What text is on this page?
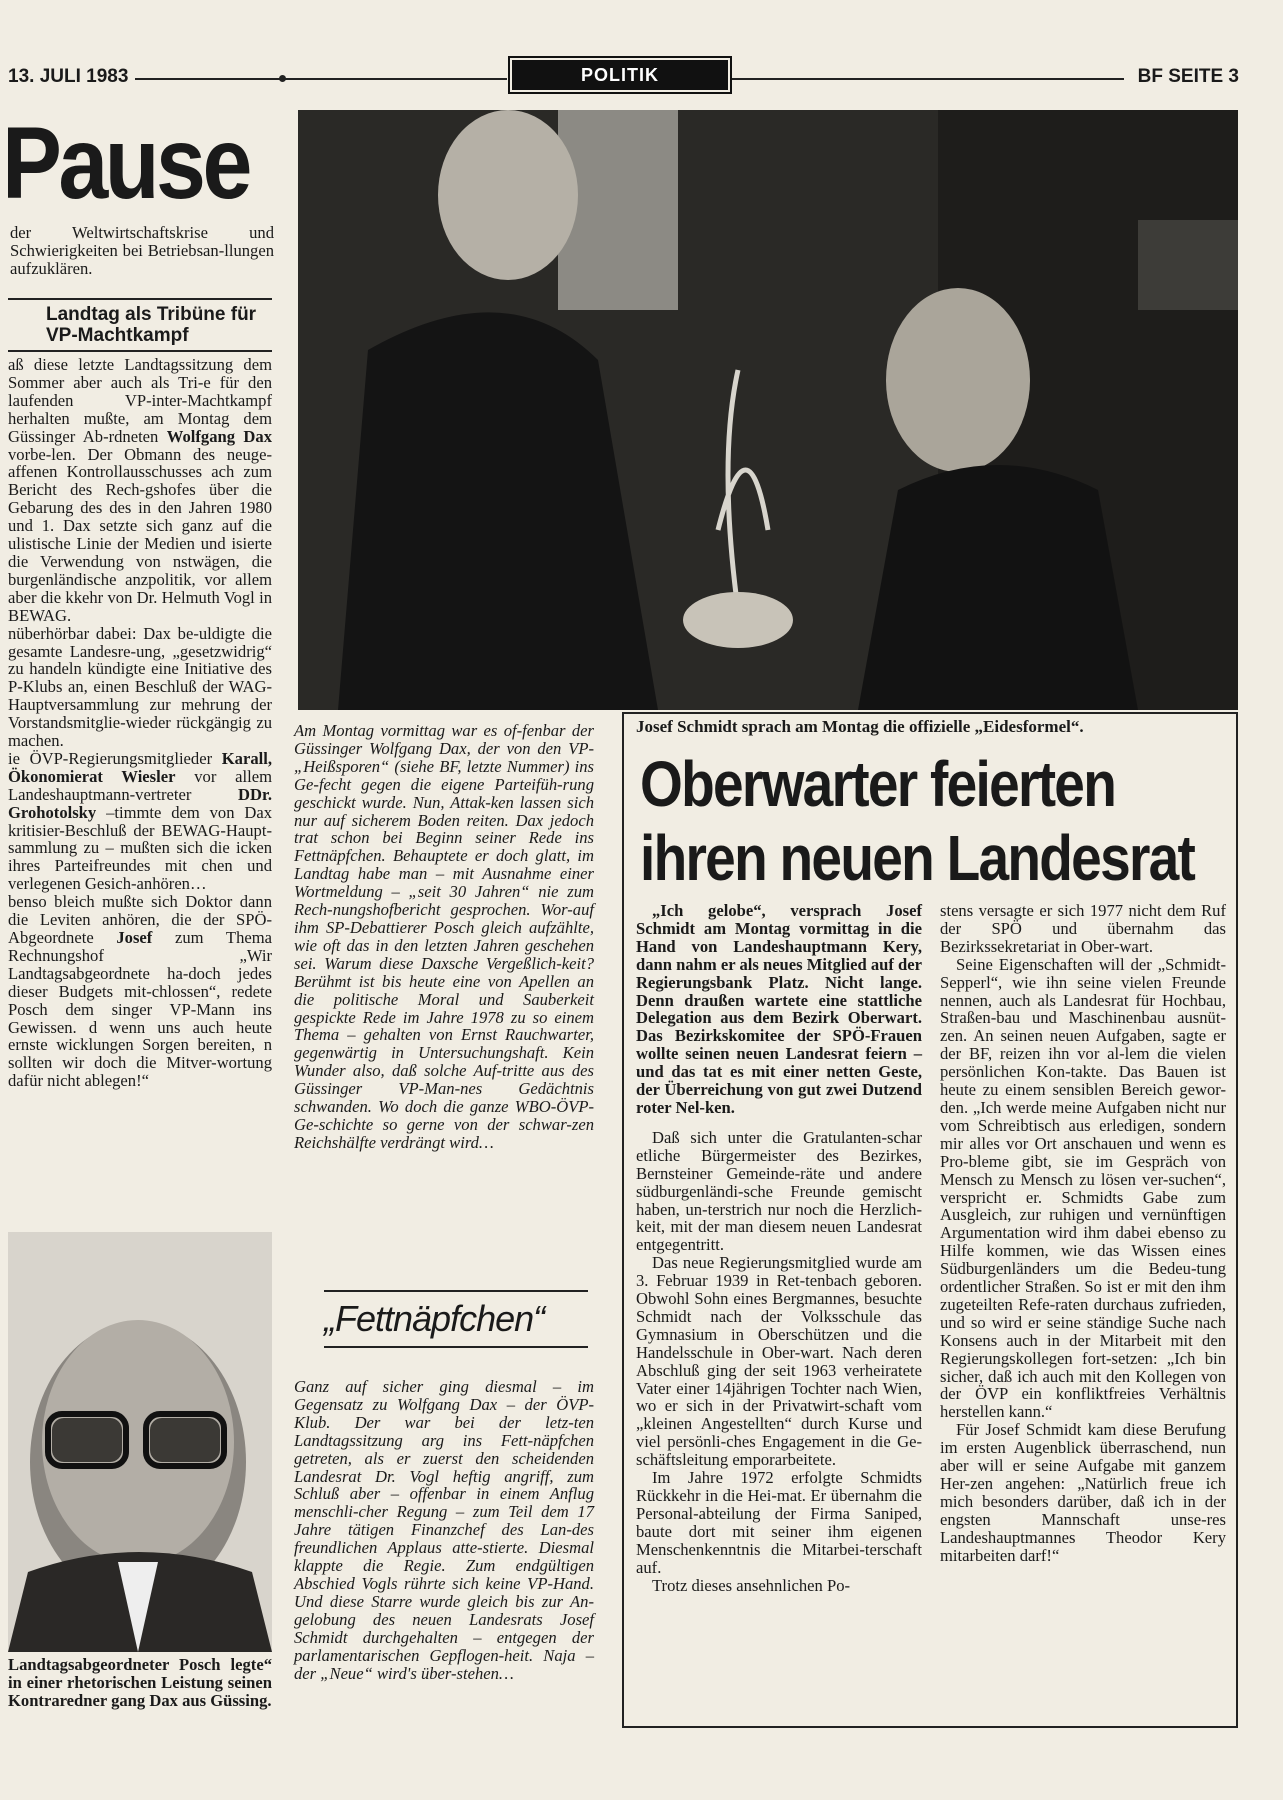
13. JULI 1983	POLITIK	BF SEITE 3
Pause
der Weltwirtschaftskrise und Schwierigkeiten bei Betriebsan-llungen aufzuklären.
Landtag als Tribüne für VP-Machtkampf
aß diese letzte Landtagssitzung dem Sommer aber auch als Tri-e für den laufenden VP-inter-Machtkampf herhalten mußte, am Montag dem Güssinger Ab-rdneten Wolfgang Dax vorbe-len. Der Obmann des neuge-affenen Kontrollausschusses ach zum Bericht des Rech-gshofes über die Gebarung des des in den Jahren 1980 und 1. Dax setzte sich ganz auf die ulistische Linie der Medien und isierte die Verwendung von nstwägen, die burgenländische anzpolitik, vor allem aber die kkehr von Dr. Helmuth Vogl in BEWAG.
nüberhörbar dabei: Dax be-uldigte die gesamte Landesre-ung, „gesetzwidrig“ zu handeln kündigte eine Initiative des P-Klubs an, einen Beschluß der WAG-Hauptversammlung zur mehrung der Vorstandsmitglie-wieder rückgängig zu machen.
ie ÖVP-Regierungsmitglieder Karall, Ökonomierat Wiesler vor allem Landeshauptmann-vertreter	DDr. Grohotolsky –timmte dem von Dax kritisier-Beschluß der BEWAG-Haupt-sammlung zu – mußten sich die icken ihres Parteifreundes mit chen und verlegenen Gesich-anhören…
benso bleich mußte sich Doktor dann die Leviten anhören, die der SPÖ-Abgeordnete Josef zum Thema Rechnungshof „Wir Landtagsabgeordnete ha-doch jedes dieser Budgets mit-chlossen“, redete Posch dem singer VP-Mann ins Gewissen. d wenn uns auch heute ernste wicklungen Sorgen bereiten, n sollten wir doch die Mitver-wortung dafür nicht ablegen!“
Landtagsabgeordneter Posch legte“ in einer rhetorischen Leistung seinen Kontraredner gang Dax aus Güssing.
Am Montag vormittag war es of-fenbar der Güssinger Wolfgang Dax, der von den VP-„Heißsporen“ (siehe BF, letzte Nummer) ins Ge-fecht gegen die eigene Parteifüh-rung geschickt wurde. Nun, Attak-ken lassen sich nur auf sicherem Boden reiten. Dax jedoch trat schon bei Beginn seiner Rede ins Fettnäpfchen. Behauptete er doch glatt, im Landtag habe man – mit Ausnahme einer Wortmeldung – „seit 30 Jahren“ nie zum Rech-nungshofbericht gesprochen. Wor-auf ihm SP-Debattierer Posch gleich aufzählte, wie oft das in den letzten Jahren geschehen sei. Warum diese Daxsche Vergeßlich-keit? Berühmt ist bis heute eine von Apellen an die politische Moral und Sauberkeit gespickte Rede im Jahre 1978 zu so einem Thema – gehalten von Ernst Rauchwarter, gegenwärtig in Untersuchungshaft. Kein Wunder also, daß solche Auf-tritte aus des Güssinger VP-Man-nes Gedächtnis schwanden. Wo doch die ganze WBO-ÖVP-Ge-schichte so gerne von der schwar-zen Reichshälfte verdrängt wird…
„Fettnäpfchen“
Ganz auf sicher ging diesmal – im Gegensatz zu Wolfgang Dax – der ÖVP-Klub. Der war bei der letz-ten Landtagssitzung arg ins Fett-näpfchen getreten, als er zuerst den scheidenden Landesrat Dr. Vogl heftig angriff, zum Schluß aber – offenbar in einem Anflug menschli-cher Regung – zum Teil dem 17 Jahre tätigen Finanzchef des Lan-des freundlichen Applaus atte-stierte. Diesmal klappte die Regie. Zum endgültigen Abschied Vogls rührte sich keine VP-Hand. Und diese Starre wurde gleich bis zur An-gelobung des neuen Landesrats Josef Schmidt durchgehalten – entgegen der parlamentarischen Gepflogen-heit. Naja – der „Neue“ wird's über-stehen…
Josef Schmidt sprach am Montag die offizielle „Eidesformel“.
Oberwarter feierten
ihren neuen Landesrat
„Ich gelobe“, versprach Josef Schmidt am Montag vormittag in die Hand von Landeshauptmann Kery, dann nahm er als neues Mitglied auf der Regierungsbank Platz. Nicht lange. Denn draußen wartete eine stattliche Delegation aus dem Bezirk Oberwart. Das Bezirkskomitee der SPÖ-Frauen wollte seinen neuen Landesrat feiern – und das tat es mit einer netten Geste, der Überreichung von gut zwei Dutzend roter Nel-ken.
Daß sich unter die Gratulanten-schar etliche Bürgermeister des Bezirkes, Bernsteiner Gemeinde-räte und andere südburgenländi-sche Freunde gemischt haben, un-terstrich nur noch die Herzlich-keit, mit der man diesem neuen Landesrat entgegentritt.
Das neue Regierungsmitglied wurde am 3. Februar 1939 in Ret-tenbach geboren. Obwohl Sohn eines Bergmannes, besuchte Schmidt nach der Volksschule das Gymnasium in Oberschützen und die Handelsschule in Ober-wart. Nach deren Abschluß ging der seit 1963 verheiratete Vater einer 14jährigen Tochter nach Wien, wo er sich in der Privatwirt-schaft vom „kleinen Angestellten“ durch Kurse und viel persönli-ches Engagement in die Ge-schäftsleitung emporarbeitete.
Im Jahre 1972 erfolgte Schmidts Rückkehr in die Hei-mat. Er übernahm die Personal-abteilung der Firma Saniped, baute dort mit seiner ihm eigenen Menschenkenntnis die Mitarbei-terschaft auf.
Trotz dieses ansehnlichen Po-
stens versagte er sich 1977 nicht dem Ruf der SPÖ und übernahm das Bezirkssekretariat in Ober-wart.
Seine Eigenschaften will der „Schmidt-Sepperl“, wie ihn seine vielen Freunde nennen, auch als Landesrat für Hochbau, Straßen-bau und Maschinenbau ausnüt-zen. An seinen neuen Aufgaben, sagte er der BF, reizen ihn vor al-lem die vielen persönlichen Kon-takte. Das Bauen ist heute zu einem sensiblen Bereich gewor-den. „Ich werde meine Aufgaben nicht nur vom Schreibtisch aus erledigen, sondern mir alles vor Ort anschauen und wenn es Pro-bleme gibt, sie im Gespräch von Mensch zu Mensch zu lösen ver-suchen“, verspricht er. Schmidts Gabe zum Ausgleich, zur ruhigen und vernünftigen Argumentation wird ihm dabei ebenso zu Hilfe kommen, wie das Wissen eines Südburgenländers um die Bedeu-tung ordentlicher Straßen. So ist er mit den ihm zugeteilten Refe-raten durchaus zufrieden, und so wird er seine ständige Suche nach Konsens auch in der Mitarbeit mit den Regierungskollegen fort-setzen: „Ich bin sicher, daß ich auch mit den Kollegen von der ÖVP ein konfliktfreies Verhältnis herstellen kann.“
Für Josef Schmidt kam diese Berufung im ersten Augenblick überraschend, nun aber will er seine Aufgabe mit ganzem Her-zen angehen: „Natürlich freue ich mich besonders darüber, daß ich in der engsten Mannschaft unse-res Landeshauptmannes Theodor Kery mitarbeiten darf!“
